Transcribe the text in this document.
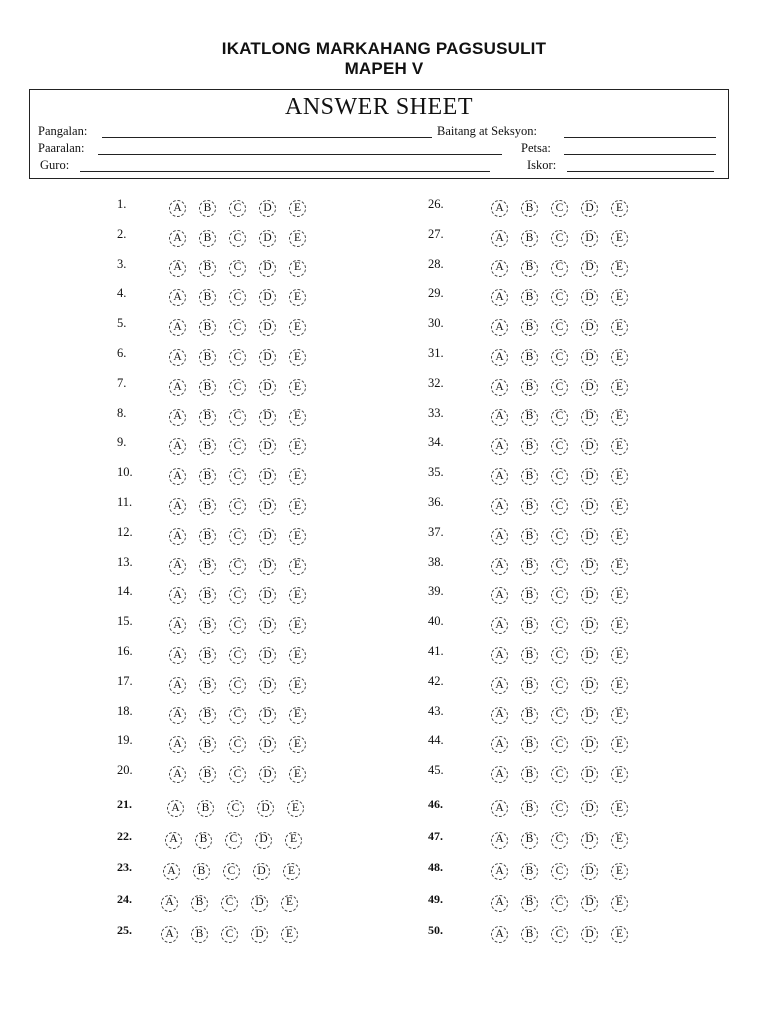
IKATLONG MARKAHANG PAGSUSULIT
MAPEH V
ANSWER SHEET
Pangalan:	Baitang at Seksyon:
Paaralan:	Petsa:
Guro:	Iskor:
1.	A	B	C	D	E
2.	A	B	C	D	E
3.	A	B	C	D	E
4.	A	B	C	D	E
5.	A	B	C	D	E
6.	A	B	C	D	E
7.	A	B	C	D	E
8.	A	B	C	D	E
9.	A	B	C	D	E
10.	A	B	C	D	E
11.	A	B	C	D	E
12.	A	B	C	D	E
13.	A	B	C	D	E
14.	A	B	C	D	E
15.	A	B	C	D	E
16.	A	B	C	D	E
17.	A	B	C	D	E
18.	A	B	C	D	E
19.	A	B	C	D	E
20.	A	B	C	D	E
21.	A	B	C	D	E
22.	A	B	C	D	E
23.	A	B	C	D	E
24.	A	B	C	D	E
25.	A	B	C	D	E
26.	A	B	C	D	E
27.	A	B	C	D	E
28.	A	B	C	D	E
29.	A	B	C	D	E
30.	A	B	C	D	E
31.	A	B	C	D	E
32.	A	B	C	D	E
33.	A	B	C	D	E
34.	A	B	C	D	E
35.	A	B	C	D	E
36.	A	B	C	D	E
37.	A	B	C	D	E
38.	A	B	C	D	E
39.	A	B	C	D	E
40.	A	B	C	D	E
41.	A	B	C	D	E
42.	A	B	C	D	E
43.	A	B	C	D	E
44.	A	B	C	D	E
45.	A	B	C	D	E
46.	A	B	C	D	E
47.	A	B	C	D	E
48.	A	B	C	D	E
49.	A	B	C	D	E
50.	A	B	C	D	E
